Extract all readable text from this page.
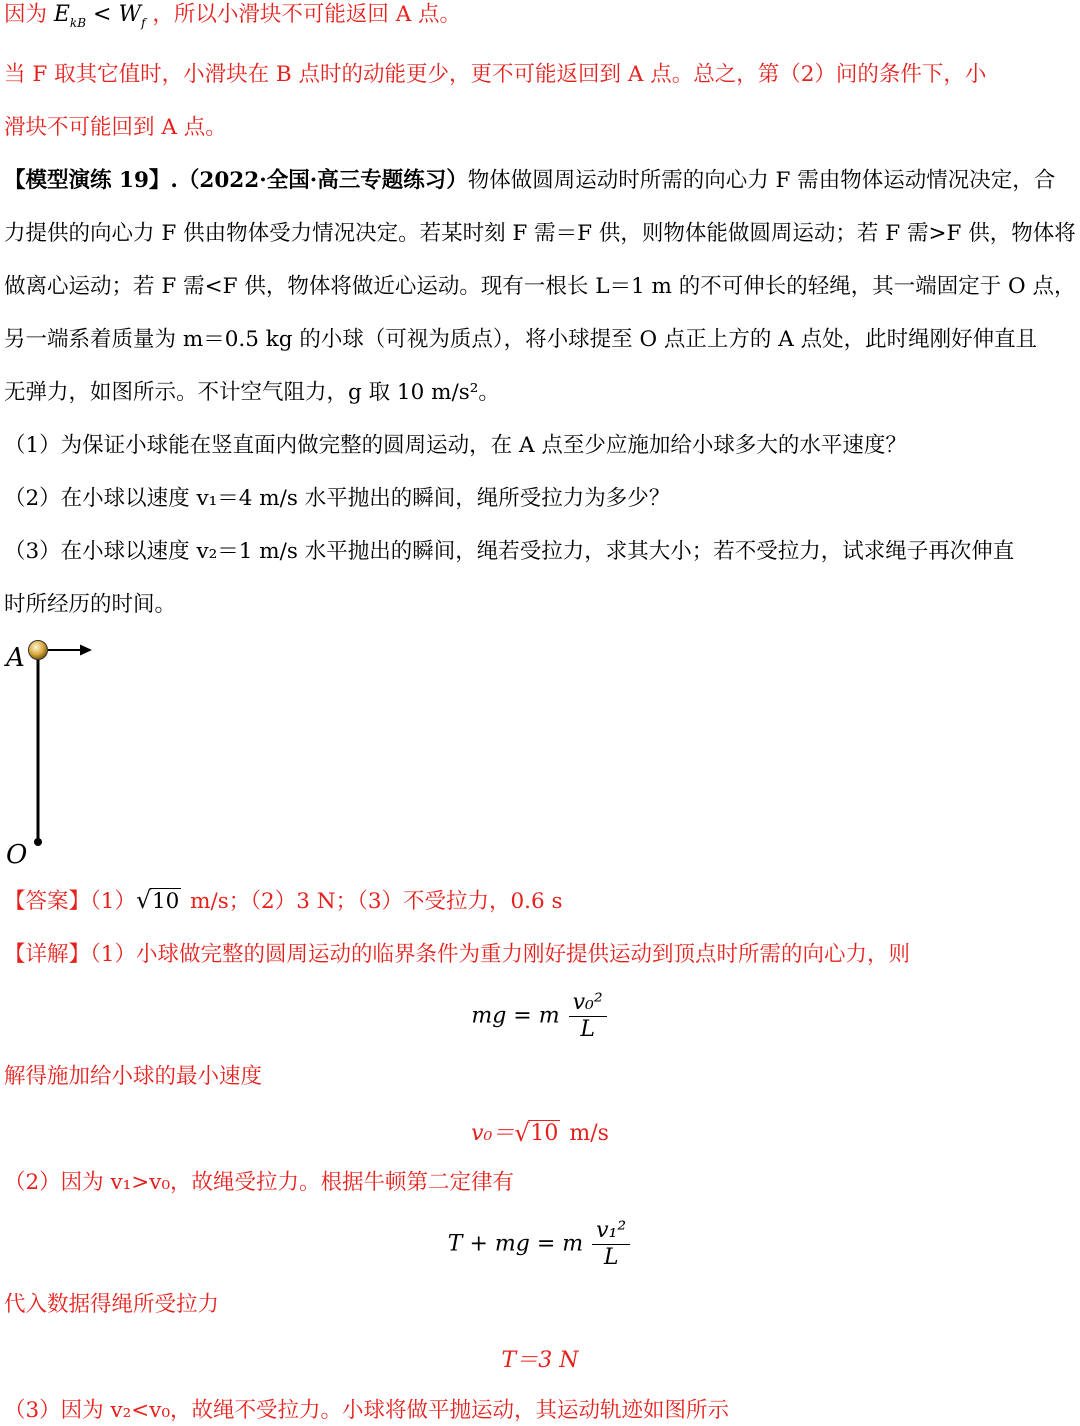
因为 $E_{kB} < W_f$ ，所以小滑块不可能返回 A 点。

当 F 取其它值时，小滑块在 B 点时的动能更少，更不可能返回到 A 点。总之，第（2）问的条件下，小

滑块不可能回到 A 点。

【模型演练 19】.（2022·全国·高三专题练习）物体做圆周运动时所需的向心力 F 需由物体运动情况决定，合

力提供的向心力 F 供由物体受力情况决定。若某时刻 F 需＝F 供，则物体能做圆周运动；若 F 需>F 供，物体将

做离心运动；若 F 需<F 供，物体将做近心运动。现有一根长 L＝1 m 的不可伸长的轻绳，其一端固定于 O 点，

另一端系着质量为 m＝0.5 kg 的小球（可视为质点），将小球提至 O 点正上方的 A 点处，此时绳刚好伸直且

无弹力，如图所示。不计空气阻力，g 取 10 m/s²。

（1）为保证小球能在竖直面内做完整的圆周运动，在 A 点至少应施加给小球多大的水平速度？

（2）在小球以速度 v₁＝4 m/s 水平抛出的瞬间，绳所受拉力为多少？

（3）在小球以速度 v₂＝1 m/s 水平抛出的瞬间，绳若受拉力，求其大小；若不受拉力，试求绳子再次伸直

时所经历的时间。

A
O

【答案】（1） √ 10 m/s；（2）3 N；（3）不受拉力，0.6 s

【详解】（1）小球做完整的圆周运动的临界条件为重力刚好提供运动到顶点时所需的向心力，则

mg = m $\frac{\text{v₀²}}{L}$

解得施加给小球的最小速度

v₀＝ √ 10 m/s

（2）因为 v₁>v₀，故绳受拉力。根据牛顿第二定律有

T + mg = m $\frac{\text{v₁²}}{L}$

代入数据得绳所受拉力

T＝3 N

（3）因为 v₂<v₀，故绳不受拉力。小球将做平抛运动，其运动轨迹如图所示
